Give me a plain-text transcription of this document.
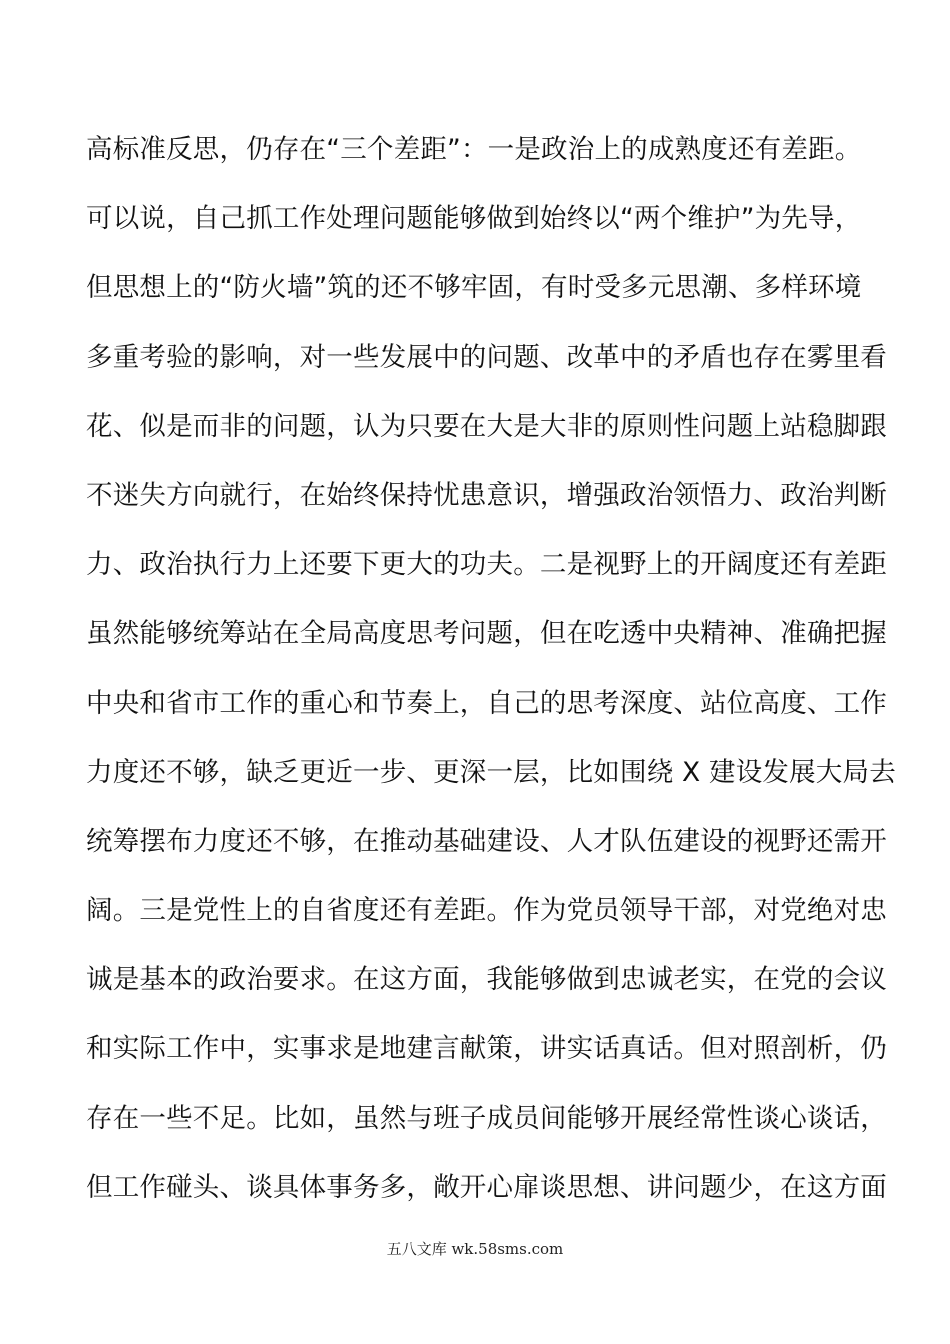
高标准反思，仍存在“三个差距”：一是政治上的成熟度还有差距。
可以说，自己抓工作处理问题能够做到始终以“两个维护”为先导，
但思想上的“防火墙”筑的还不够牢固，有时受多元思潮、多样环境
多重考验的影响，对一些发展中的问题、改革中的矛盾也存在雾里看
花、似是而非的问题，认为只要在大是大非的原则性问题上站稳脚跟
不迷失方向就行，在始终保持忧患意识，增强政治领悟力、政治判断
力、政治执行力上还要下更大的功夫。二是视野上的开阔度还有差距
虽然能够统筹站在全局高度思考问题，但在吃透中央精神、准确把握
中央和省市工作的重心和节奏上，自己的思考深度、站位高度、工作
力度还不够，缺乏更近一步、更深一层，比如围绕 X 建设发展大局去
统筹摆布力度还不够，在推动基础建设、人才队伍建设的视野还需开
阔。三是党性上的自省度还有差距。作为党员领导干部，对党绝对忠
诚是基本的政治要求。在这方面，我能够做到忠诚老实，在党的会议
和实际工作中，实事求是地建言献策，讲实话真话。但对照剖析，仍
存在一些不足。比如，虽然与班子成员间能够开展经常性谈心谈话，
但工作碰头、谈具体事务多，敞开心扉谈思想、讲问题少，在这方面
五八文库 wk.58sms.com
